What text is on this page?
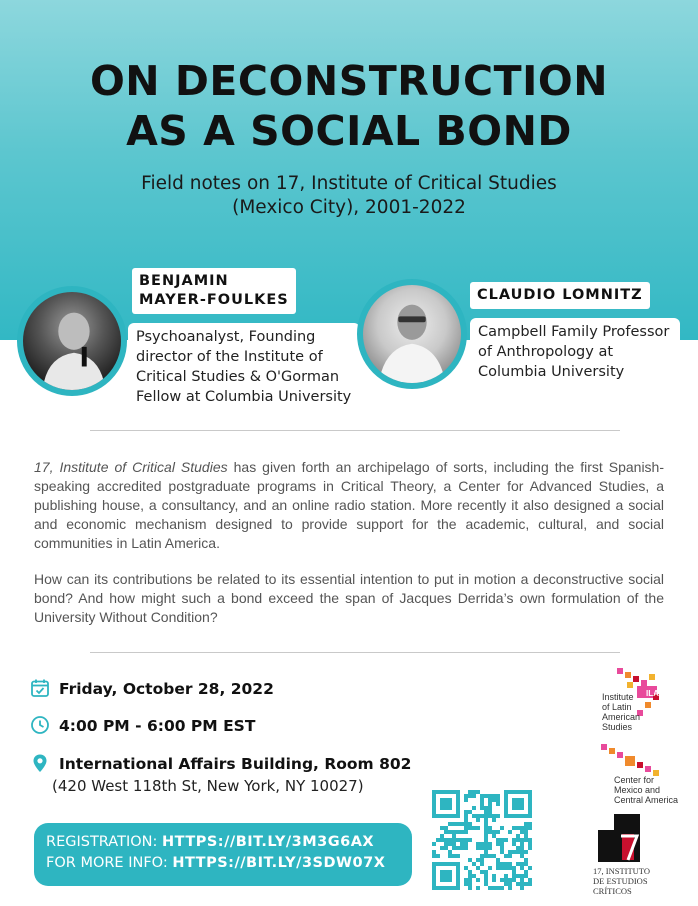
ON DECONSTRUCTION
AS A SOCIAL BOND
Field notes on 17, Institute of Critical Studies
(Mexico City), 2001-2022
BENJAMIN
MAYER-FOULKES
Psychoanalyst, Founding
director of the Institute of
Critical Studies & O'Gorman
Fellow at Columbia University
CLAUDIO LOMNITZ
Campbell Family Professor
of Anthropology at
Columbia University

17, Institute of Critical Studies has given forth an archipelago of sorts, including the first Spanish-speaking accredited postgraduate programs in Critical Theory, a Center for Advanced Studies, a publishing house, a consultancy, and an online radio station. More recently it also designed a social and economic mechanism designed to provide support for the academic, cultural, and social communities in Latin America.

How can its contributions be related to its essential intention to put in motion a deconstructive social bond? And how might such a bond exceed the span of Jacques Derrida’s own formulation of the University Without Condition?

Friday, October 28, 2022
4:00 PM - 6:00 PM EST
International Affairs Building, Room 802
(420 West 118th St, New York, NY 10027)
REGISTRATION: HTTPS://BIT.LY/3M3G6AX
FOR MORE INFO: HTTPS://BIT.LY/3SDW07X
ILAS
Institute
of Latin
American
Studies
Center for
Mexico and
Central America
17, INSTITUTO
DE ESTUDIOS
CRÍTICOS
